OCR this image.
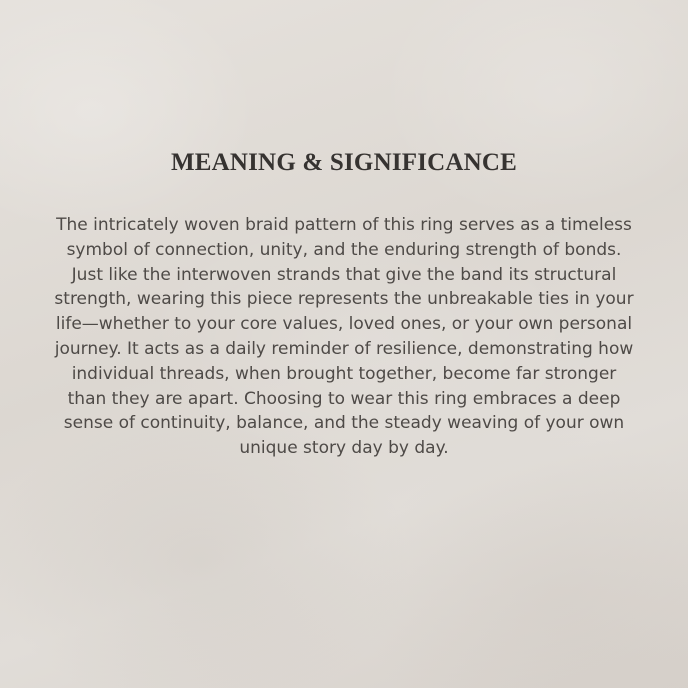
MEANING & SIGNIFICANCE

The intricately woven braid pattern of this ring serves as a timeless symbol of connection, unity, and the enduring strength of bonds. Just like the interwoven strands that give the band its structural strength, wearing this piece represents the unbreakable ties in your life—whether to your core values, loved ones, or your own personal journey. It acts as a daily reminder of resilience, demonstrating how individual threads, when brought together, become far stronger than they are apart. Choosing to wear this ring embraces a deep sense of continuity, balance, and the steady weaving of your own unique story day by day.
